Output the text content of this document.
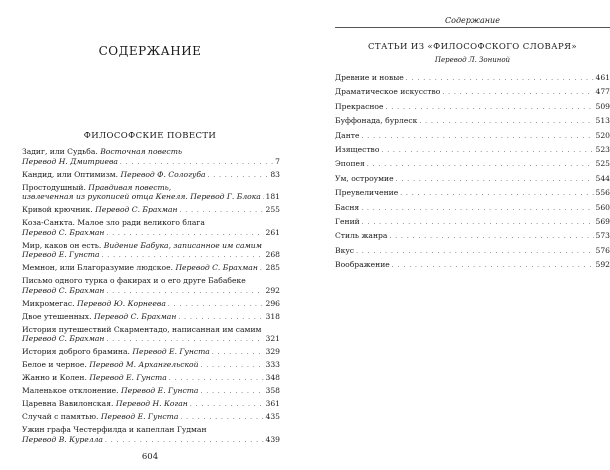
СОДЕРЖАНИЕ
ФИЛОСОФСКИЕ ПОВЕСТИ
Задиг, или Судьба. Восточная повесть
Перевод Н. Дмитриева . . .	7
Кандид, или Оптимизм. Перевод Ф. Сологуба . . .	83
Простодушный. Правдивая повесть,
извлеченная из рукописей отца Кенеля. Перевод Г. Блока . . . 181
Кривой крючник. Перевод С. Брахман . . .	255
Коза-Санкта. Малое зло ради великого блага
Перевод С. Брахман . . .	261
Мир, каков он есть. Видение Бабука, записанное им самим
Перевод Е. Гунста . . .	268
Мемнон, или Благоразумие людское. Перевод С. Брахман . . . 285
Письмо одного турка о факирах и о его друге Бабабеке
Перевод С. Брахман . . .	292
Микромегас. Перевод Ю. Корнеева . . .	296
Двое утешенных. Перевод С. Брахман . . .	318
История путешествий Скарментадо, написанная им самим
Перевод С. Брахман . . .	321
История доброго брамина. Перевод Е. Гунста . . .	329
Белое и черное. Перевод М. Архангельской . . .	333
Жанно и Колен. Перевод Е. Гунста . . .	348
Маленькое отклонение. Перевод Е. Гунста . . .	358
Царевна Вавилонская. Перевод Н. Коган . . .	361
Случай с памятью. Перевод Е. Гунста . . .	435
Ужин графа Честерфилда и капеллан Гудман
Перевод В. Курелла . . .	439
604
Содержание
СТАТЬИ ИЗ «ФИЛОСОФСКОГО СЛОВАРЯ»
Перевод Л. Зониной
Древние и новые . . .	461
Драматическое искусство . . .	477
Прекрасное . . .	509
Буффонада, бурлеск . . .	513
Данте . . .	520
Изящество . . .	523
Эпопея . . .	525
Ум, остроумие . . .	544
Преувеличение . . .	556
Басня . . .	560
Гений . . .	569
Стиль жанра . . .	573
Вкус . . .	576
Воображение . . .	592
